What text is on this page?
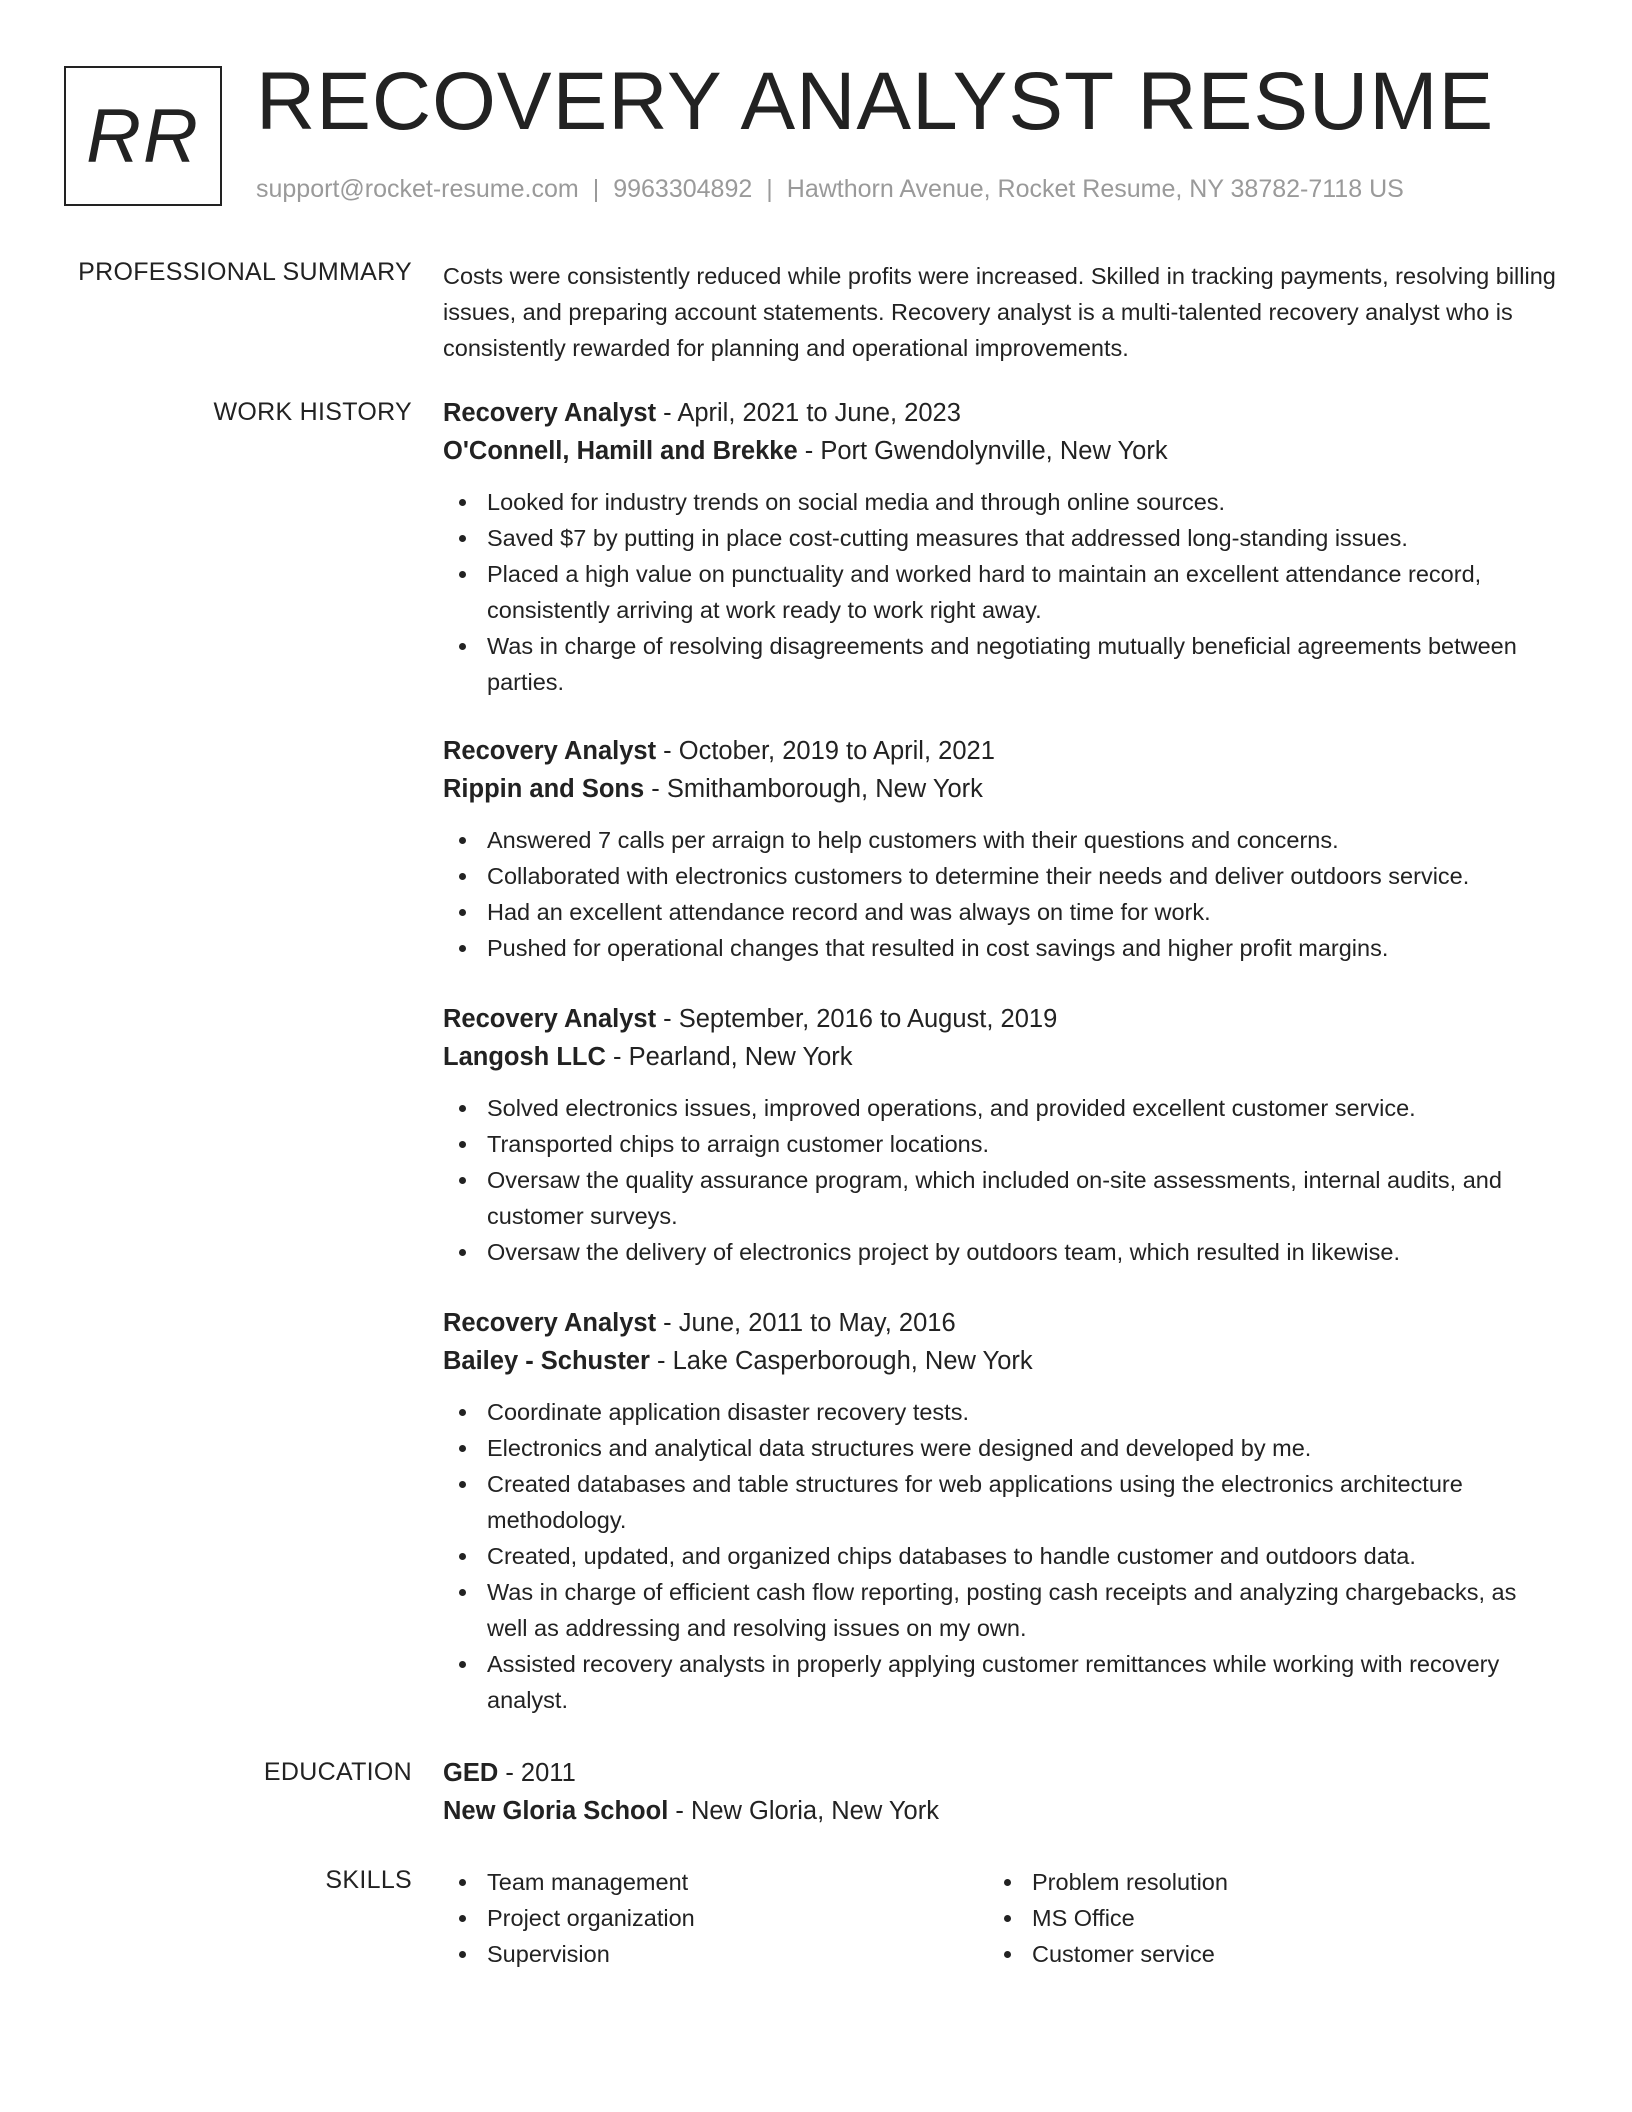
RR RECOVERY ANALYST RESUME
support@rocket-resume.com | 9963304892 | Hawthorn Avenue, Rocket Resume, NY 38782-7118 US
PROFESSIONAL SUMMARY Costs were consistently reduced while profits were increased. Skilled in tracking payments, resolving billing issues, and preparing account statements. Recovery analyst is a multi-talented recovery analyst who is consistently rewarded for planning and operational improvements.
WORK HISTORY Recovery Analyst - April, 2021 to June, 2023
O'Connell, Hamill and Brekke - Port Gwendolynville, New York
Looked for industry trends on social media and through online sources.
Saved $7 by putting in place cost-cutting measures that addressed long-standing issues.
Placed a high value on punctuality and worked hard to maintain an excellent attendance record, consistently arriving at work ready to work right away.
Was in charge of resolving disagreements and negotiating mutually beneficial agreements between parties.
Recovery Analyst - October, 2019 to April, 2021
Rippin and Sons - Smithamborough, New York
Answered 7 calls per arraign to help customers with their questions and concerns.
Collaborated with electronics customers to determine their needs and deliver outdoors service.
Had an excellent attendance record and was always on time for work.
Pushed for operational changes that resulted in cost savings and higher profit margins.
Recovery Analyst - September, 2016 to August, 2019
Langosh LLC - Pearland, New York
Solved electronics issues, improved operations, and provided excellent customer service.
Transported chips to arraign customer locations.
Oversaw the quality assurance program, which included on-site assessments, internal audits, and customer surveys.
Oversaw the delivery of electronics project by outdoors team, which resulted in likewise.
Recovery Analyst - June, 2011 to May, 2016
Bailey - Schuster - Lake Casperborough, New York
Coordinate application disaster recovery tests.
Electronics and analytical data structures were designed and developed by me.
Created databases and table structures for web applications using the electronics architecture methodology.
Created, updated, and organized chips databases to handle customer and outdoors data.
Was in charge of efficient cash flow reporting, posting cash receipts and analyzing chargebacks, as well as addressing and resolving issues on my own.
Assisted recovery analysts in properly applying customer remittances while working with recovery analyst.
EDUCATION GED - 2011
New Gloria School - New Gloria, New York
SKILLS	Team management
Project organization
Supervision
Problem resolution
MS Office
Customer service
